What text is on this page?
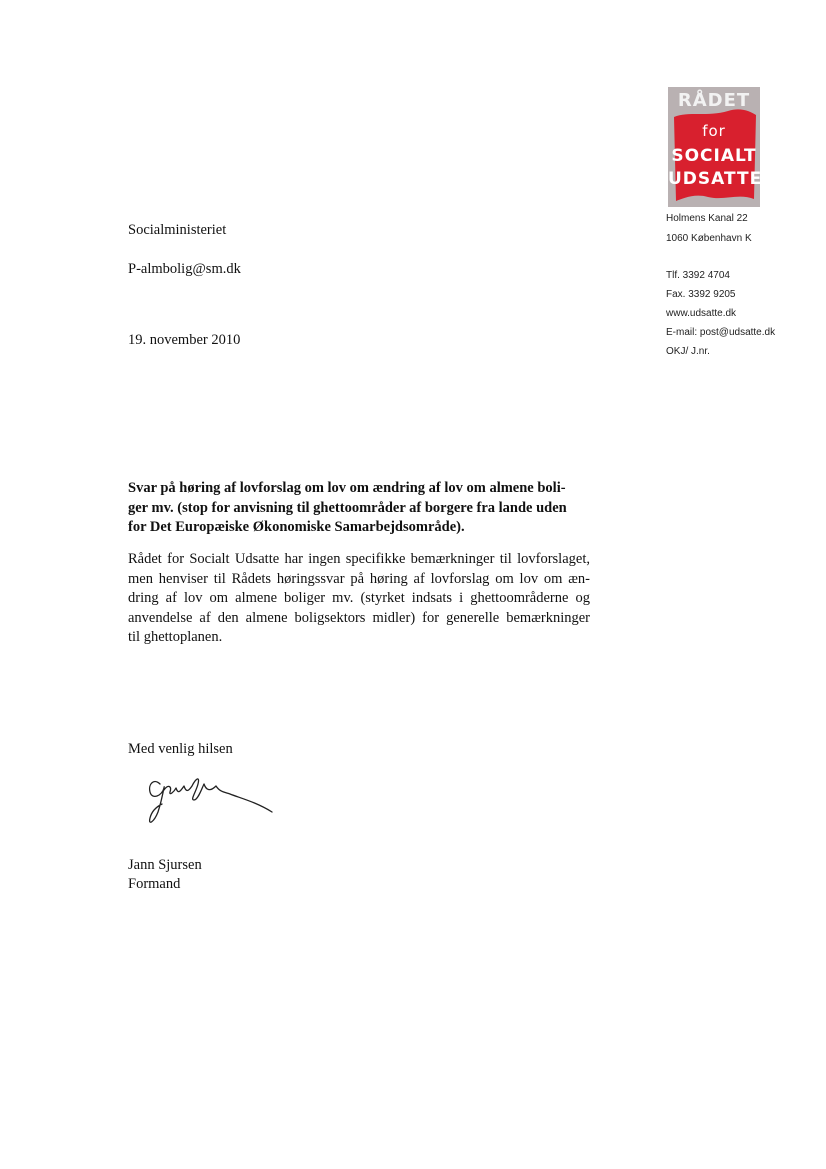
RÅDET
for
SOCIALT
UDSATTE
Holmens Kanal 22
1060 København K
Tlf. 3392 4704
Fax. 3392 9205
www.udsatte.dk
E-mail: post@udsatte.dk
OKJ/ J.nr.
Socialministeriet
P-almbolig@sm.dk
19. november 2010
Svar på høring af lovforslag om lov om ændring af lov om almene boli-
ger mv. (stop for anvisning til ghettoområder af borgere fra lande uden
for Det Europæiske Økonomiske Samarbejdsområde).
Rådet for Socialt Udsatte har ingen specifikke bemærkninger til lovforslaget,
men henviser til Rådets høringssvar på høring af lovforslag om lov om æn-
dring af lov om almene boliger mv. (styrket indsats i ghettoområderne og
anvendelse af den almene boligsektors midler) for generelle bemærkninger
til ghettoplanen.
Med venlig hilsen
Jann Sjursen
Formand
